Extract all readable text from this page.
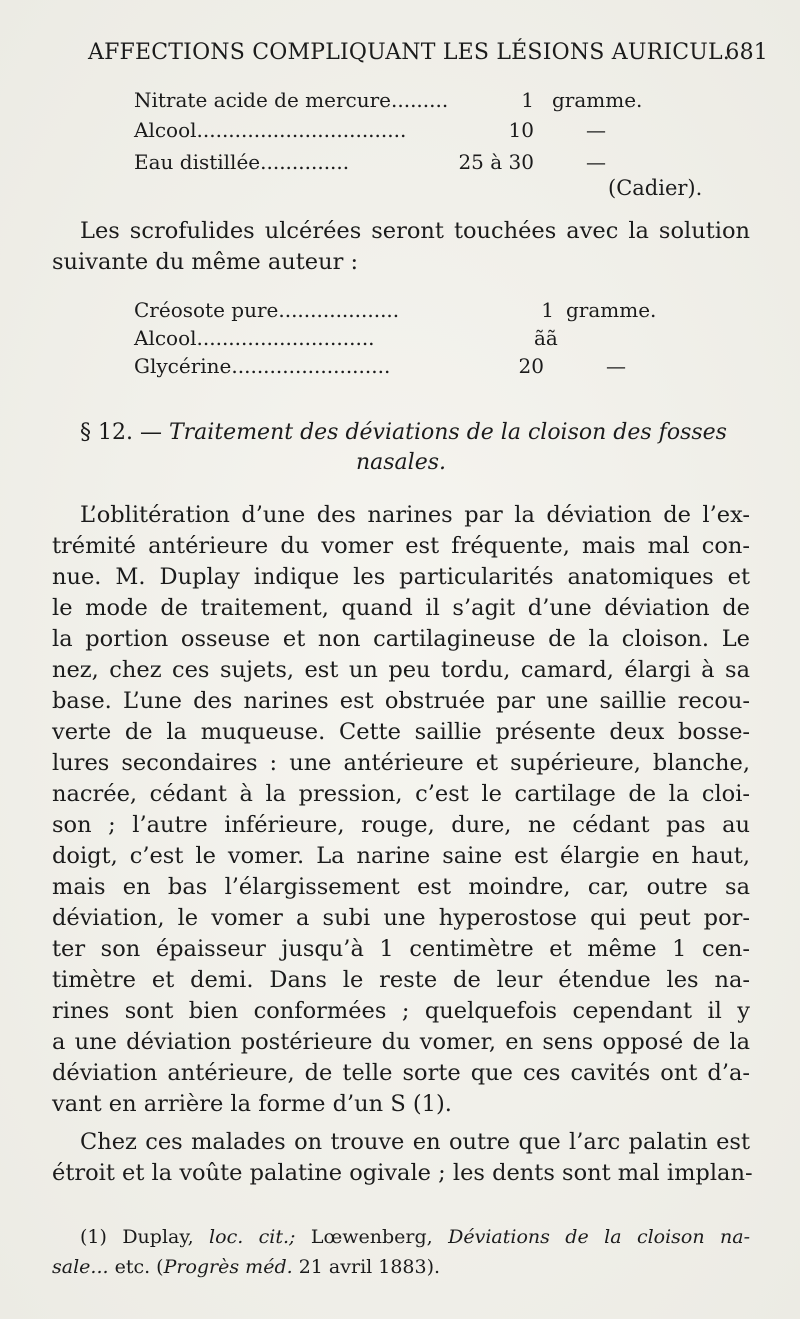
AFFECTIONS COMPLIQUANT LES LÉSIONS AURICUL.
681
Nitrate acide de mercure.........	1 gramme.
Alcool.................................	10	—
Eau distillée..............	25 à 30	—
(Cadier).
Les scrofulides ulcérées seront touchées avec la solution
suivante du même auteur :
Créosote pure...................	1 gramme.
Alcool............................	ãã
Glycérine.........................	20	—
§ 12. — Traitement des déviations de la cloison des fosses
nasales.
L’oblitération d’une des narines par la déviation de l’ex-
trémité antérieure du vomer est fréquente, mais mal con-
nue. M. Duplay indique les particularités anatomiques et
le mode de traitement, quand il s’agit d’une déviation de
la portion osseuse et non cartilagineuse de la cloison. Le
nez, chez ces sujets, est un peu tordu, camard, élargi à sa
base. L’une des narines est obstruée par une saillie recou-
verte de la muqueuse. Cette saillie présente deux bosse-
lures secondaires : une antérieure et supérieure, blanche,
nacrée, cédant à la pression, c’est le cartilage de la cloi-
son ; l’autre inférieure, rouge, dure, ne cédant pas au
doigt, c’est le vomer. La narine saine est élargie en haut,
mais en bas l’élargissement est moindre, car, outre sa
déviation, le vomer a subi une hyperostose qui peut por-
ter son épaisseur jusqu’à 1 centimètre et même 1 cen-
timètre et demi. Dans le reste de leur étendue les na-
rines sont bien conformées ; quelquefois cependant il y
a une déviation postérieure du vomer, en sens opposé de la
déviation antérieure, de telle sorte que ces cavités ont d’a-
vant en arrière la forme d’un S (1).
Chez ces malades on trouve en outre que l’arc palatin est
étroit et la voûte palatine ogivale ; les dents sont mal implan-
(1) Duplay, loc. cit.; Lœwenberg, Déviations de la cloison na-
sale... etc. (Progrès méd. 21 avril 1883).
